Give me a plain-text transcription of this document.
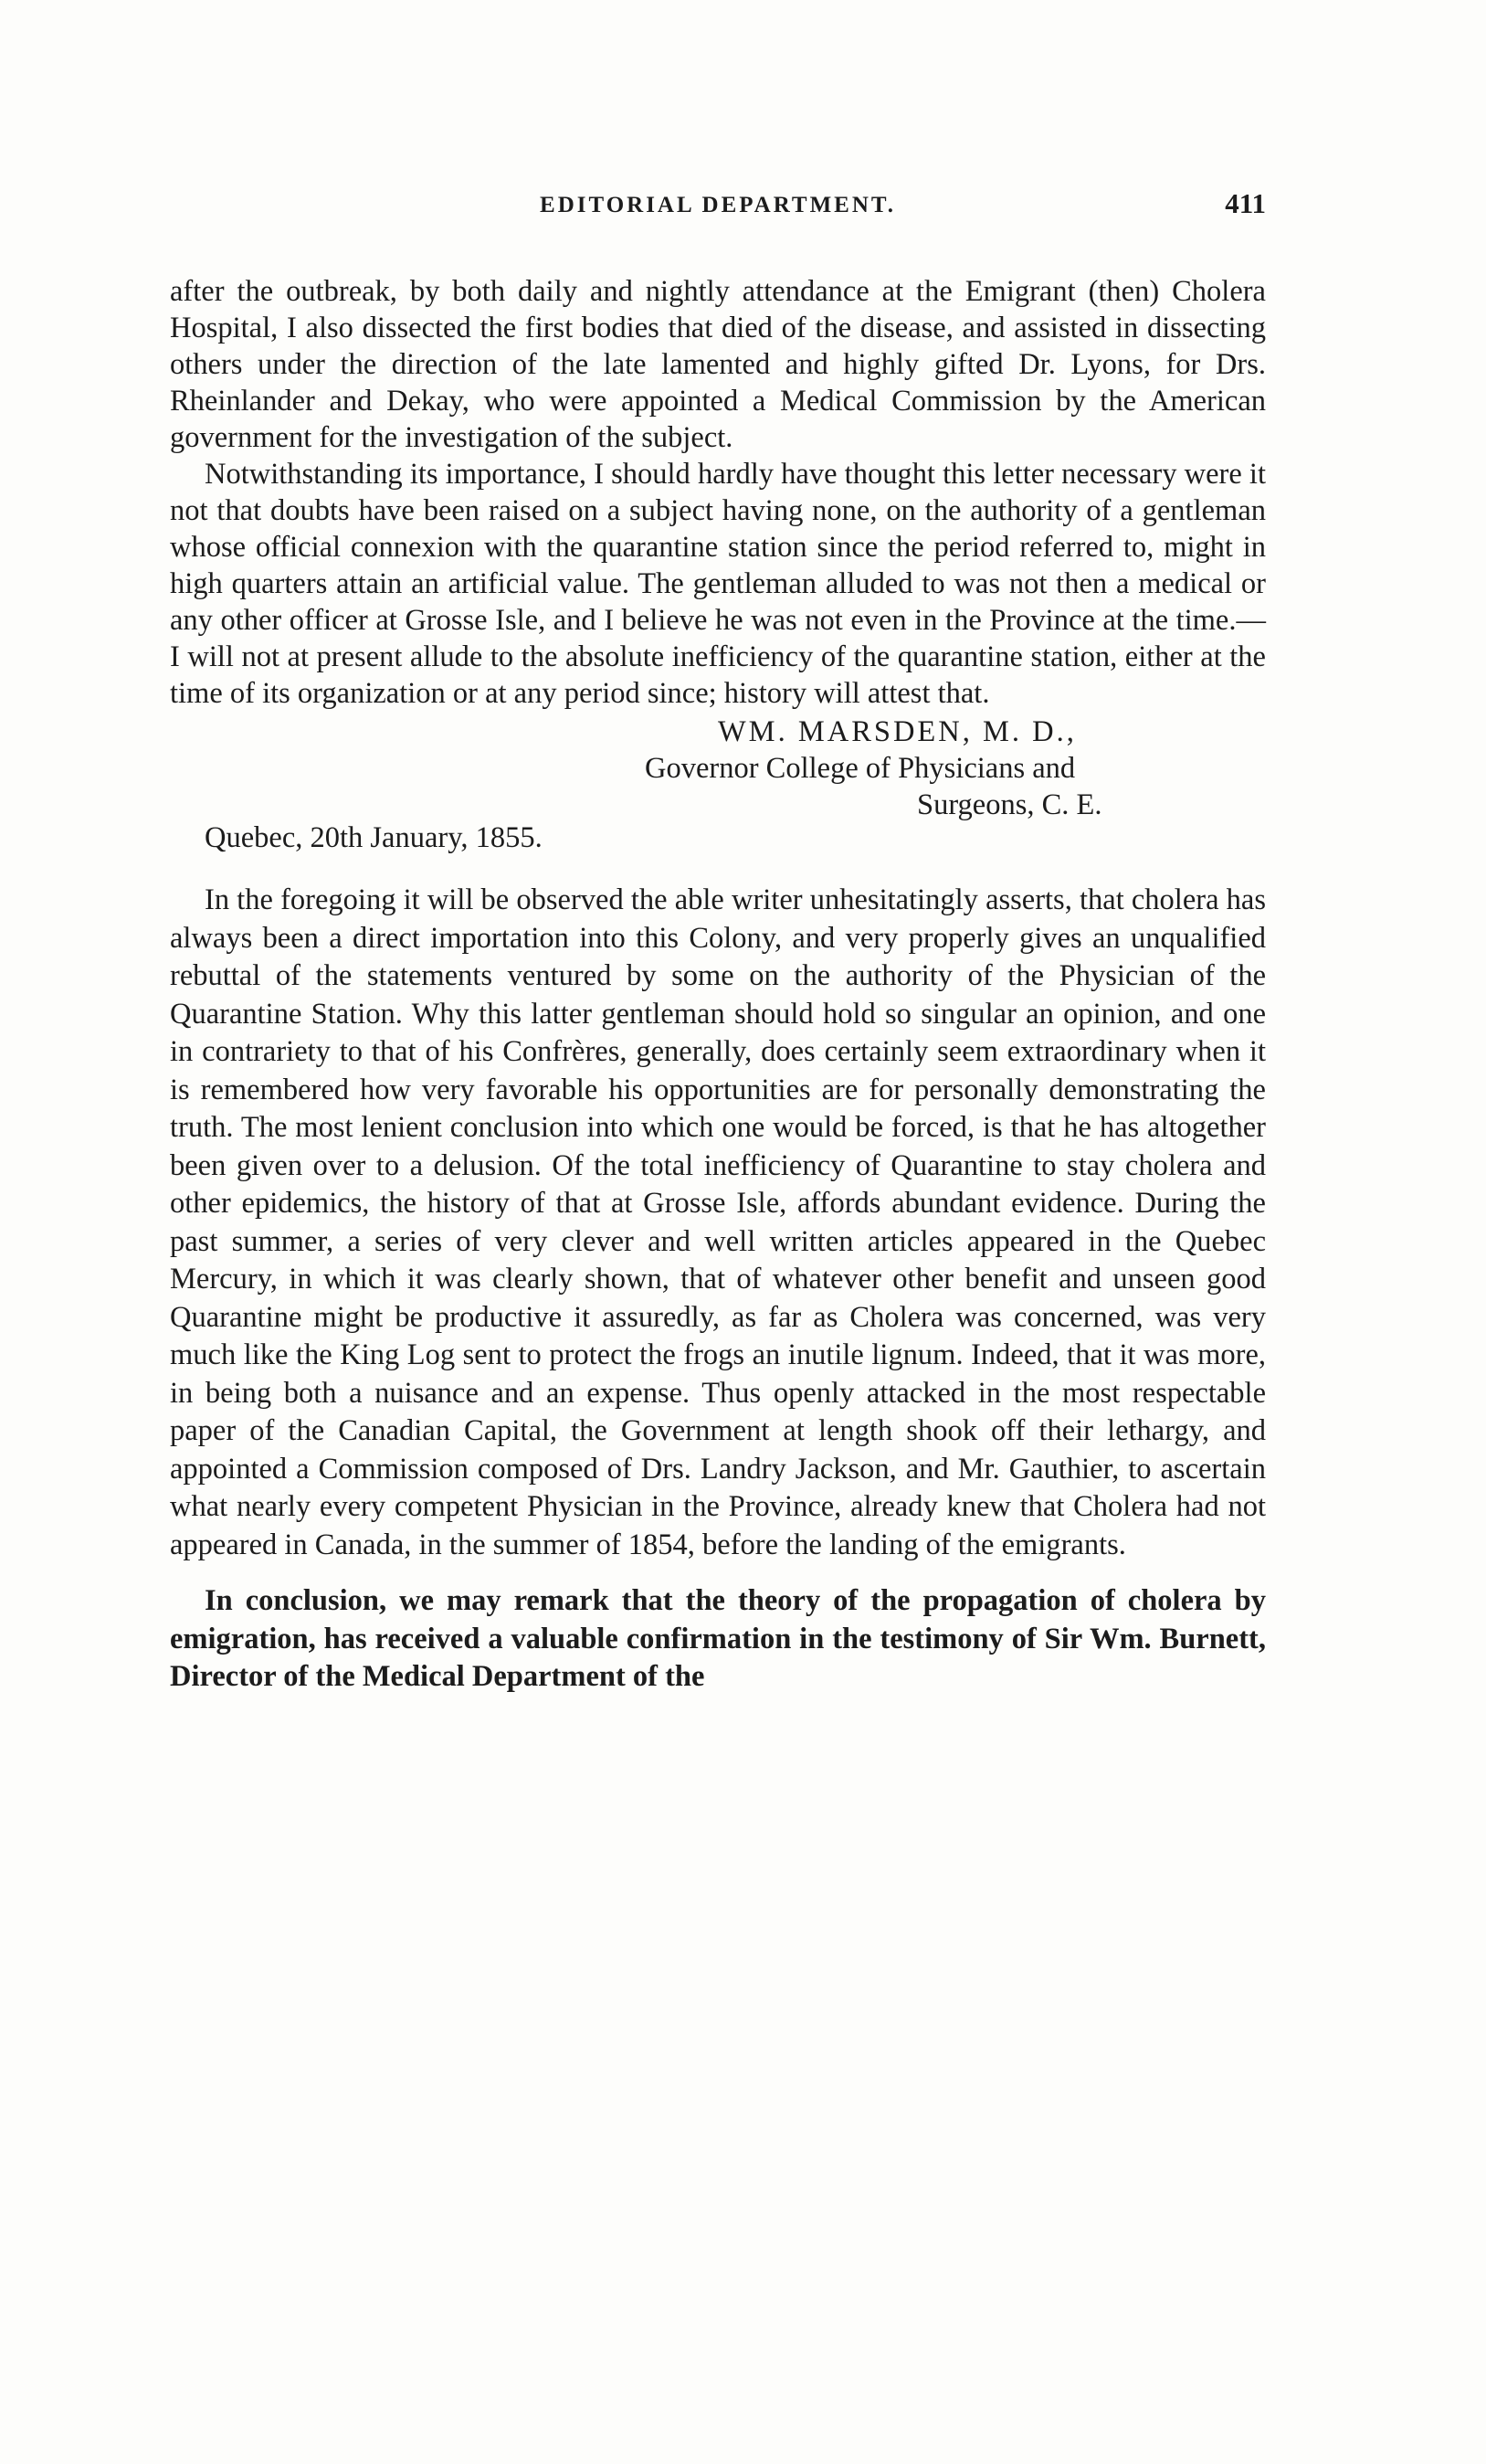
EDITORIAL DEPARTMENT.	411

after the outbreak, by both daily and nightly attendance at the Emigrant (then) Cholera Hospital, I also dissected the first bodies that died of the disease, and assisted in dissecting others under the direction of the late lamented and highly gifted Dr. Lyons, for Drs. Rheinlander and Dekay, who were appointed a Medical Commission by the American government for the investigation of the subject.

Notwithstanding its importance, I should hardly have thought this letter necessary were it not that doubts have been raised on a subject having none, on the authority of a gentleman whose official connexion with the quarantine station since the period referred to, might in high quarters attain an artificial value. The gentleman alluded to was not then a medical or any other officer at Grosse Isle, and I believe he was not even in the Province at the time.—I will not at present allude to the absolute inefficiency of the quarantine station, either at the time of its organization or at any period since; history will attest that.

WM. MARSDEN, M. D.,
Governor College of Physicians and
Surgeons, C. E.
Quebec, 20th January, 1855.

In the foregoing it will be observed the able writer unhesitatingly asserts, that cholera has always been a direct importation into this Colony, and very properly gives an unqualified rebuttal of the statements ventured by some on the authority of the Physician of the Quarantine Station. Why this latter gentleman should hold so singular an opinion, and one in contrariety to that of his Confrères, generally, does certainly seem extraordinary when it is remembered how very favorable his opportunities are for personally demonstrating the truth. The most lenient conclusion into which one would be forced, is that he has altogether been given over to a delusion. Of the total inefficiency of Quarantine to stay cholera and other epidemics, the history of that at Grosse Isle, affords abundant evidence. During the past summer, a series of very clever and well written articles appeared in the Quebec Mercury, in which it was clearly shown, that of whatever other benefit and unseen good Quarantine might be productive it assuredly, as far as Cholera was concerned, was very much like the King Log sent to protect the frogs an inutile lignum. Indeed, that it was more, in being both a nuisance and an expense. Thus openly attacked in the most respectable paper of the Canadian Capital, the Government at length shook off their lethargy, and appointed a Commission composed of Drs. Landry Jackson, and Mr. Gauthier, to ascertain what nearly every competent Physician in the Province, already knew that Cholera had not appeared in Canada, in the summer of 1854, before the landing of the emigrants.

In conclusion, we may remark that the theory of the propagation of cholera by emigration, has received a valuable confirmation in the testimony of Sir Wm. Burnett, Director of the Medical Department of the
